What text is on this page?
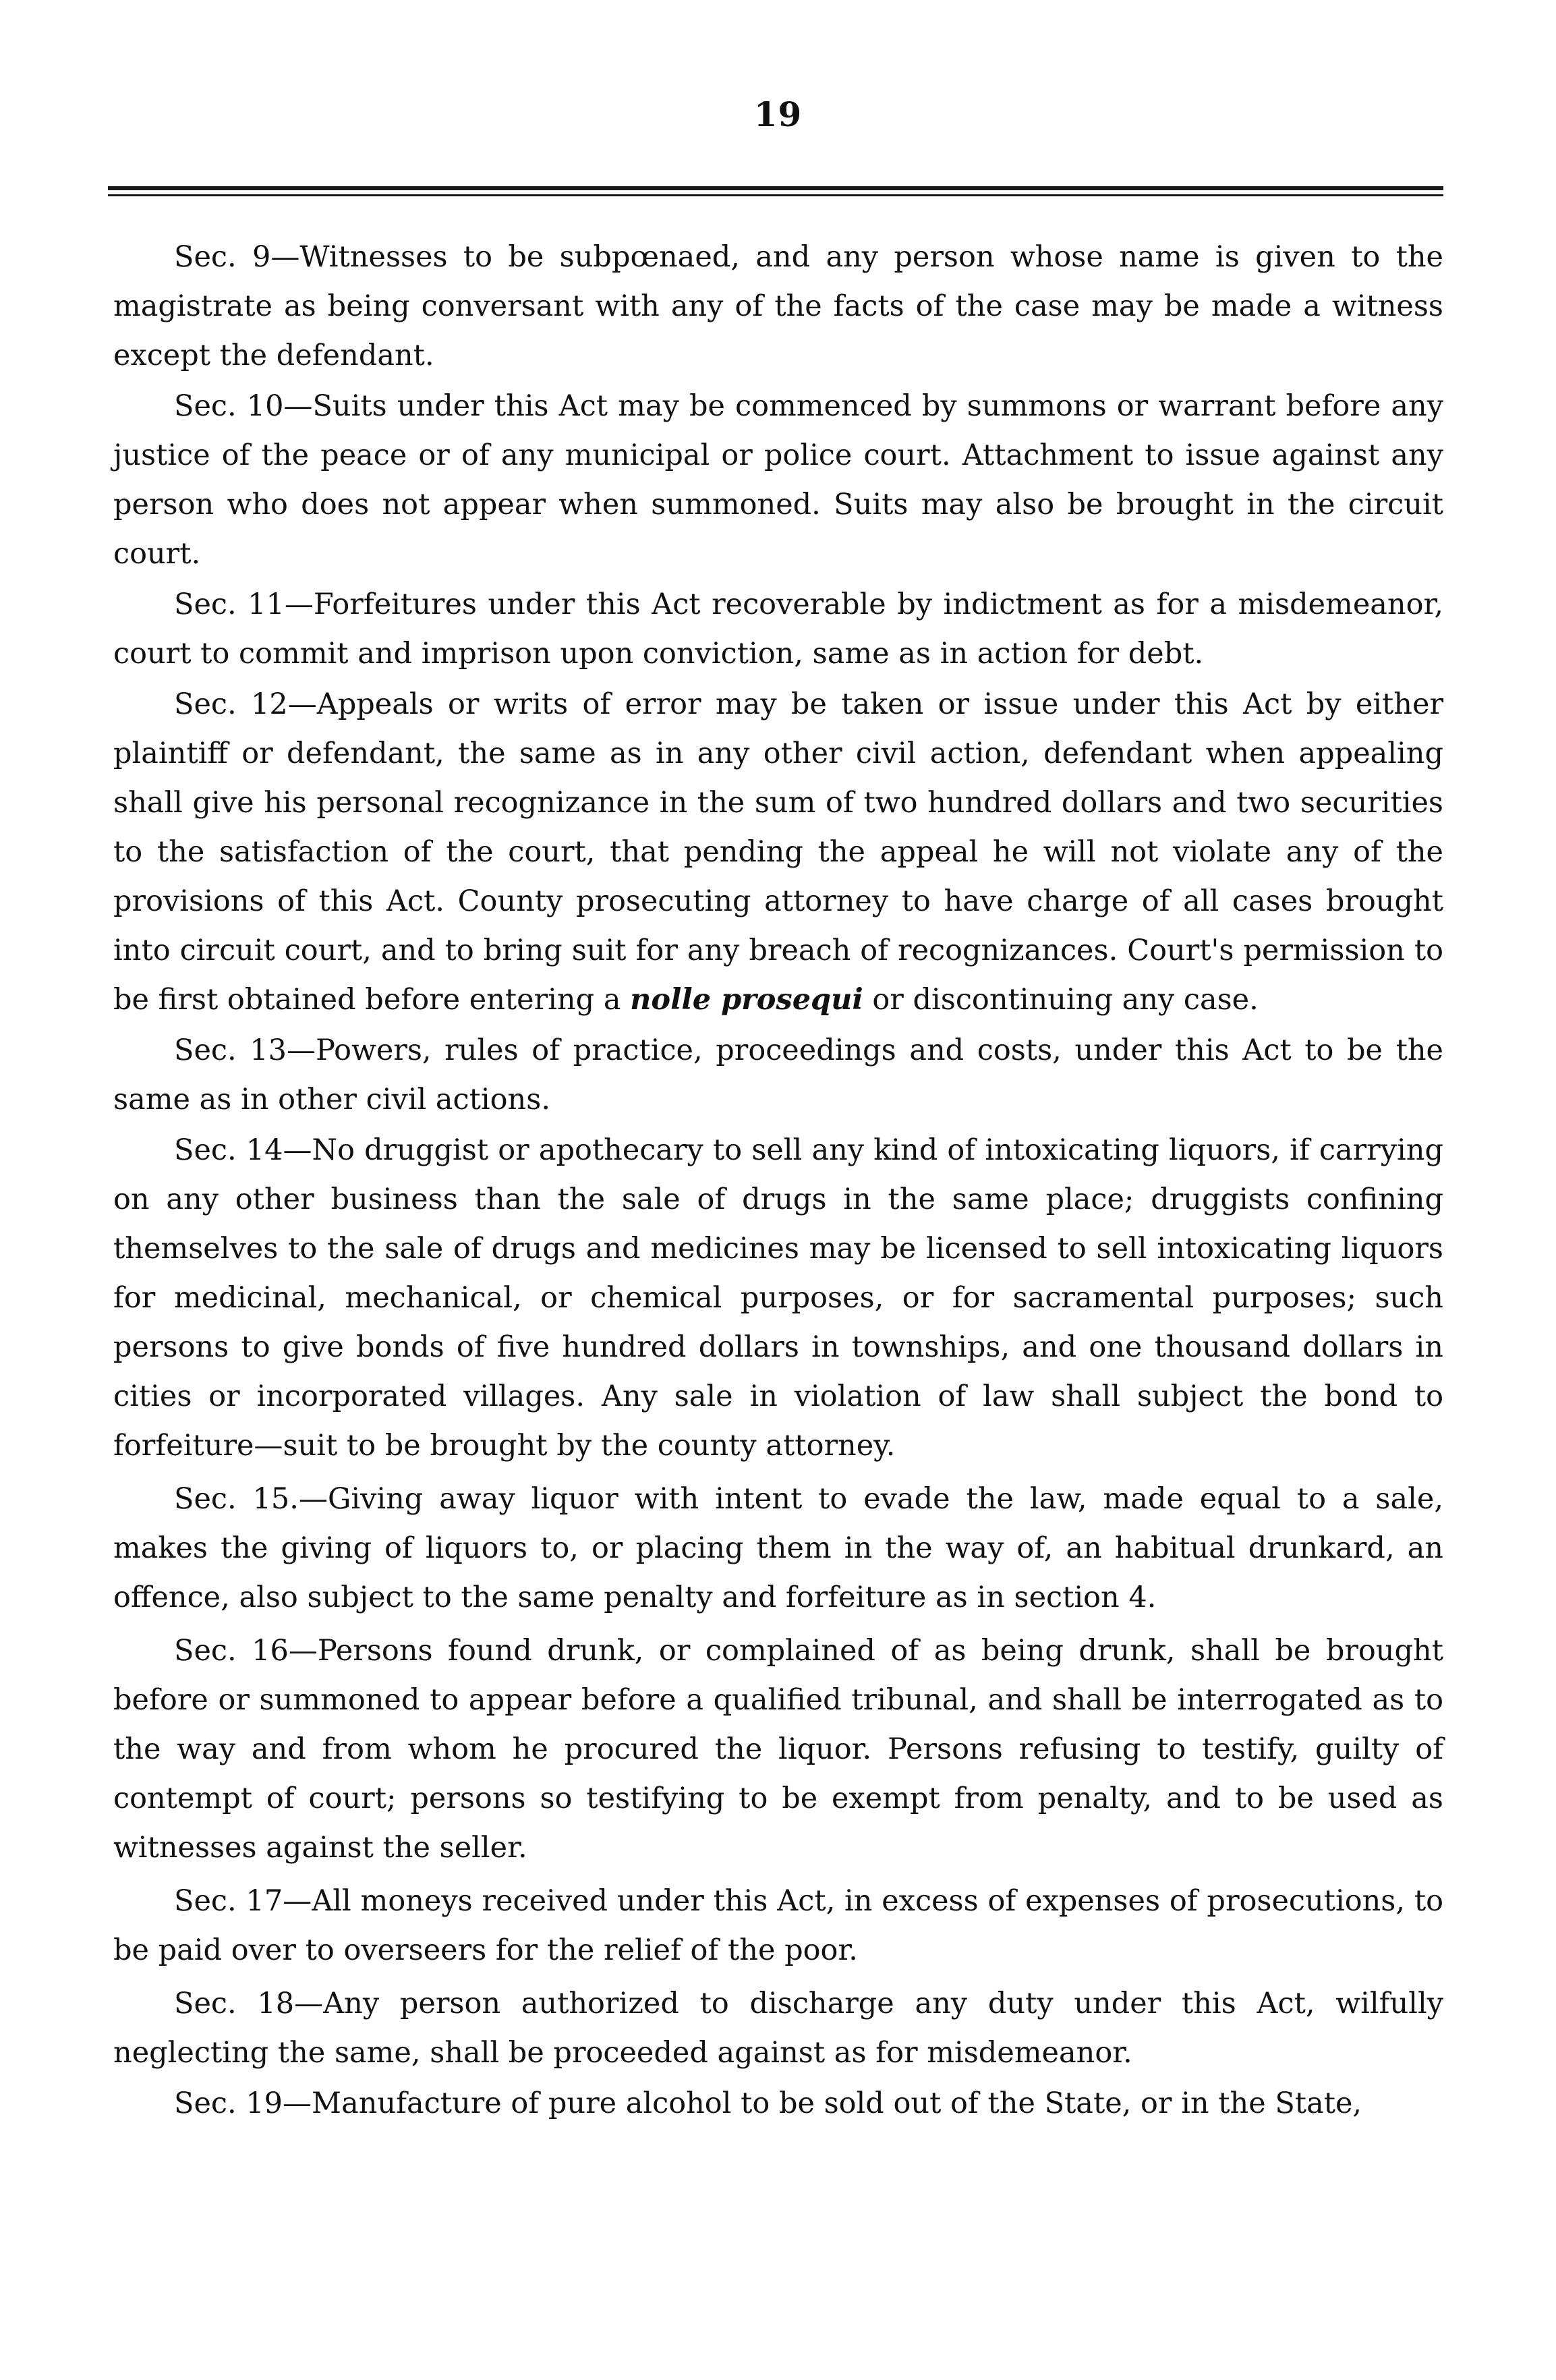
19

Sec. 9—Witnesses to be subpœnaed, and any person whose name is given to the magistrate as being conversant with any of the facts of the case may be made a witness except the defendant.

Sec. 10—Suits under this Act may be commenced by summons or warrant before any justice of the peace or of any municipal or police court. Attachment to issue against any person who does not appear when summoned. Suits may also be brought in the circuit court.

Sec. 11—Forfeitures under this Act recoverable by indictment as for a misdemeanor, court to commit and imprison upon conviction, same as in action for debt.

Sec. 12—Appeals or writs of error may be taken or issue under this Act by either plaintiff or defendant, the same as in any other civil action, defendant when appealing shall give his personal recognizance in the sum of two hundred dollars and two securities to the satisfaction of the court, that pending the appeal he will not violate any of the provisions of this Act. County prosecuting attorney to have charge of all cases brought into circuit court, and to bring suit for any breach of recognizances. Court's permission to be first obtained before entering a nolle prosequi or discontinuing any case.

Sec. 13—Powers, rules of practice, proceedings and costs, under this Act to be the same as in other civil actions.

Sec. 14—No druggist or apothecary to sell any kind of intoxicating liquors, if carrying on any other business than the sale of drugs in the same place; druggists confining themselves to the sale of drugs and medicines may be licensed to sell intoxicating liquors for medicinal, mechanical, or chemical purposes, or for sacramental purposes; such persons to give bonds of five hundred dollars in townships, and one thousand dollars in cities or incorporated villages. Any sale in violation of law shall subject the bond to forfeiture—suit to be brought by the county attorney.

Sec. 15.—Giving away liquor with intent to evade the law, made equal to a sale, makes the giving of liquors to, or placing them in the way of, an habitual drunkard, an offence, also subject to the same penalty and forfeiture as in section 4.

Sec. 16—Persons found drunk, or complained of as being drunk, shall be brought before or summoned to appear before a qualified tribunal, and shall be interrogated as to the way and from whom he procured the liquor. Persons refusing to testify, guilty of contempt of court; persons so testifying to be exempt from penalty, and to be used as witnesses against the seller.

Sec. 17—All moneys received under this Act, in excess of expenses of prosecutions, to be paid over to overseers for the relief of the poor.

Sec. 18—Any person authorized to discharge any duty under this Act, wilfully neglecting the same, shall be proceeded against as for misdemeanor.

Sec. 19—Manufacture of pure alcohol to be sold out of the State, or in the State,
